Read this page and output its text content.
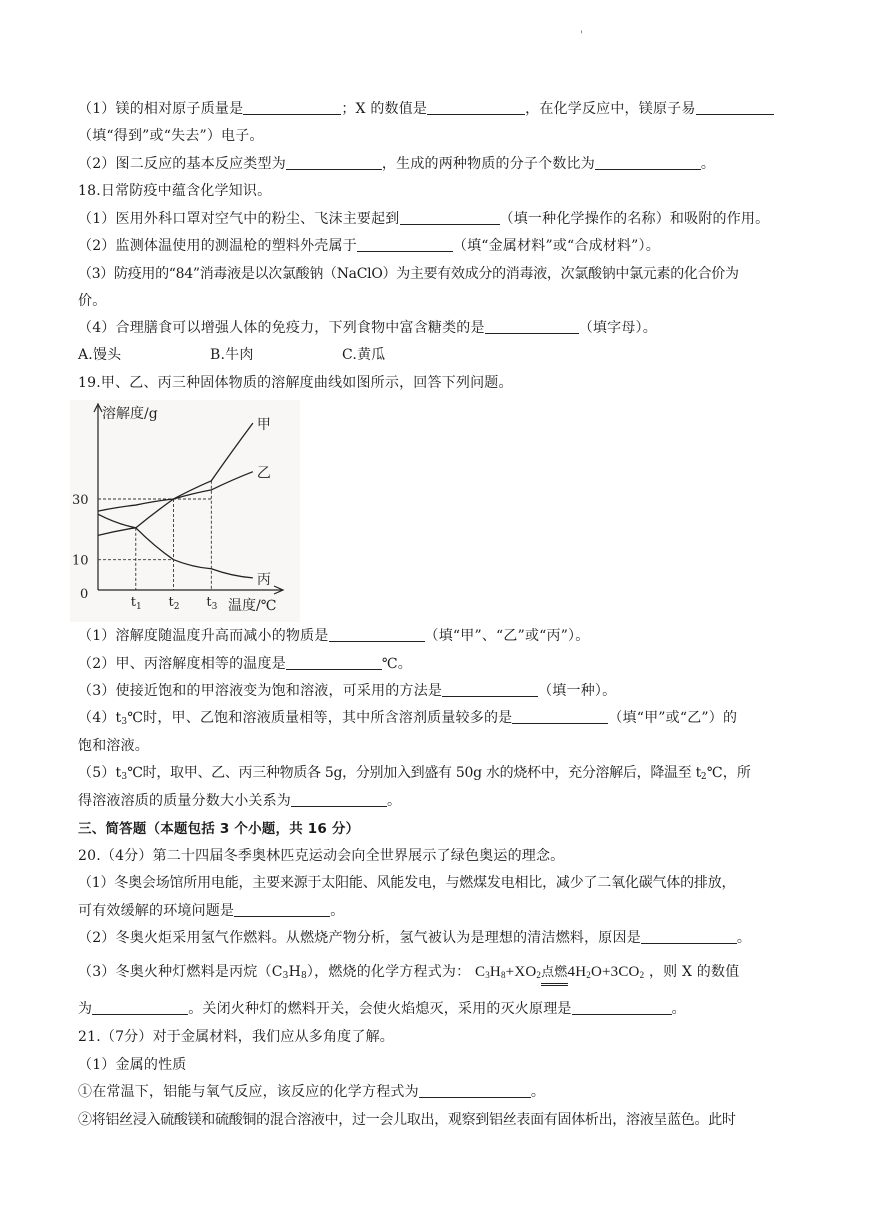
'
（1）镁的相对原子质量是	；X 的数值是	，在化学反应中，镁原子易
（填“得到”或“失去”）电子。
（2）图二反应的基本反应类型为	，生成的两种物质的分子个数比为	。
18.日常防疫中蕴含化学知识。
（1）医用外科口罩对空气中的粉尘、飞沫主要起到	（填一种化学操作的名称）和吸附的作用。
（2）监测体温使用的测温枪的塑料外壳属于	（填“金属材料”或“合成材料”）。
（3）防疫用的“84”消毒液是以次氯酸钠（NaClO）为主要有效成分的消毒液，次氯酸钠中氯元素的化合价为
价。
（4）合理膳食可以增强人体的免疫力，下列食物中富含糖类的是	（填字母）。
A.馒头	B.牛肉	C.黄瓜
19.甲、乙、丙三种固体物质的溶解度曲线如图所示，回答下列问题。
溶解度/g
温度/℃
0
30
10
$t_1$ $t_2$ $t_3$
甲
乙
丙
（1）溶解度随温度升高而减小的物质是	（填“甲”、“乙”或“丙”）。
（2）甲、丙溶解度相等的温度是	℃。
（3）使接近饱和的甲溶液变为饱和溶液，可采用的方法是	（填一种）。
$(4)t_3℃$时，甲、乙饱和溶液质量相等，其中所含溶剂质量较多的是	（填“甲”或“乙”）的
饱和溶液。
$(5)t_3℃$时，取甲、乙、丙三种物质各 5g，分别加入到盛有 50g 水的烧杯中，充分溶解后，降温至 $t_2℃$，所
得溶液溶质的质量分数大小关系为	。
三、简答题（本题包括 3 个小题，共 16 分）
20.（4分）第二十四届冬季奥林匹克运动会向全世界展示了绿色奥运的理念。
（1）冬奥会场馆所用电能，主要来源于太阳能、风能发电，与燃煤发电相比，减少了二氧化碳气体的排放，
可有效缓解的环境问题是	。
（2）冬奥火炬采用氢气作燃料。从燃烧产物分析，氢气被认为是理想的清洁燃料，原因是	。
（3）冬奥火种灯燃料是丙烷$(C_3H_8)$，燃烧的化学方程式为： $C_3H_8+XO_2$点燃$4H_2O+3CO_2$ ，则 X 的数值
为	。关闭火种灯的燃料开关，会使火焰熄灭，采用的灭火原理是	。
21.（7分）对于金属材料，我们应从多角度了解。
（1）金属的性质
①在常温下，铝能与氧气反应，该反应的化学方程式为	。
②将铝丝浸入硫酸镁和硫酸铜的混合溶液中，过一会儿取出，观察到铝丝表面有固体析出，溶液呈蓝色。此时
